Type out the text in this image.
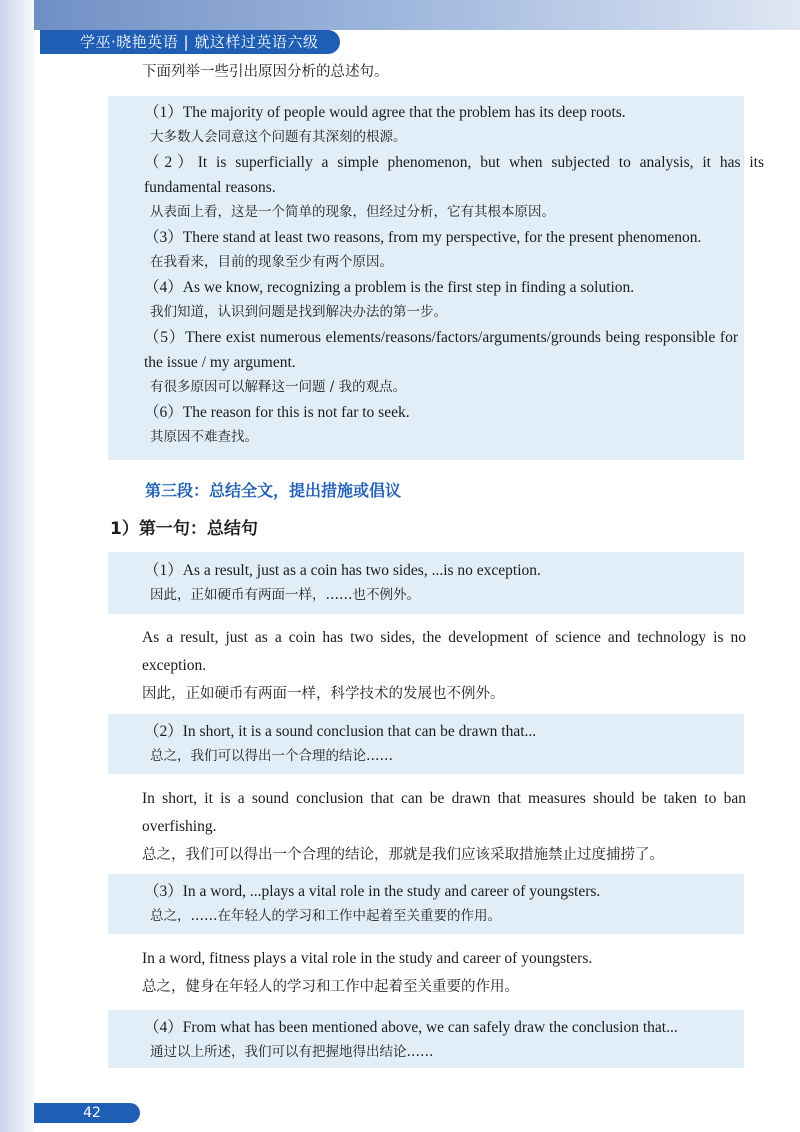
学巫·晓艳英语 | 就这样过英语六级
下面列举一些引出原因分析的总述句。

（1）The majority of people would agree that the problem has its deep roots.

大多数人会同意这个问题有其深刻的根源。

（2）It is superficially a simple phenomenon, but when subjected to analysis, it has its fundamental reasons.

从表面上看，这是一个简单的现象，但经过分析，它有其根本原因。

（3）There stand at least two reasons, from my perspective, for the present phenomenon.

在我看来，目前的现象至少有两个原因。

（4）As we know, recognizing a problem is the first step in finding a solution.

我们知道，认识到问题是找到解决办法的第一步。

（5）There exist numerous elements/reasons/factors/arguments/grounds being responsible for the issue / my argument.

有很多原因可以解释这一问题 / 我的观点。

（6）The reason for this is not far to seek.

其原因不难查找。

第三段：总结全文，提出措施或倡议
1）第一句：总结句

（1）As a result, just as a coin has two sides, ...is no exception.

因此，正如硬币有两面一样，……也不例外。

As a result, just as a coin has two sides, the development of science and technology is no exception.

因此，正如硬币有两面一样，科学技术的发展也不例外。

（2）In short, it is a sound conclusion that can be drawn that...

总之，我们可以得出一个合理的结论……

In short, it is a sound conclusion that can be drawn that measures should be taken to ban overfishing.

总之，我们可以得出一个合理的结论，那就是我们应该采取措施禁止过度捕捞了。

（3）In a word, ...plays a vital role in the study and career of youngsters.

总之，……在年轻人的学习和工作中起着至关重要的作用。

In a word, fitness plays a vital role in the study and career of youngsters.

总之，健身在年轻人的学习和工作中起着至关重要的作用。

（4）From what has been mentioned above, we can safely draw the conclusion that...

通过以上所述，我们可以有把握地得出结论……

42
